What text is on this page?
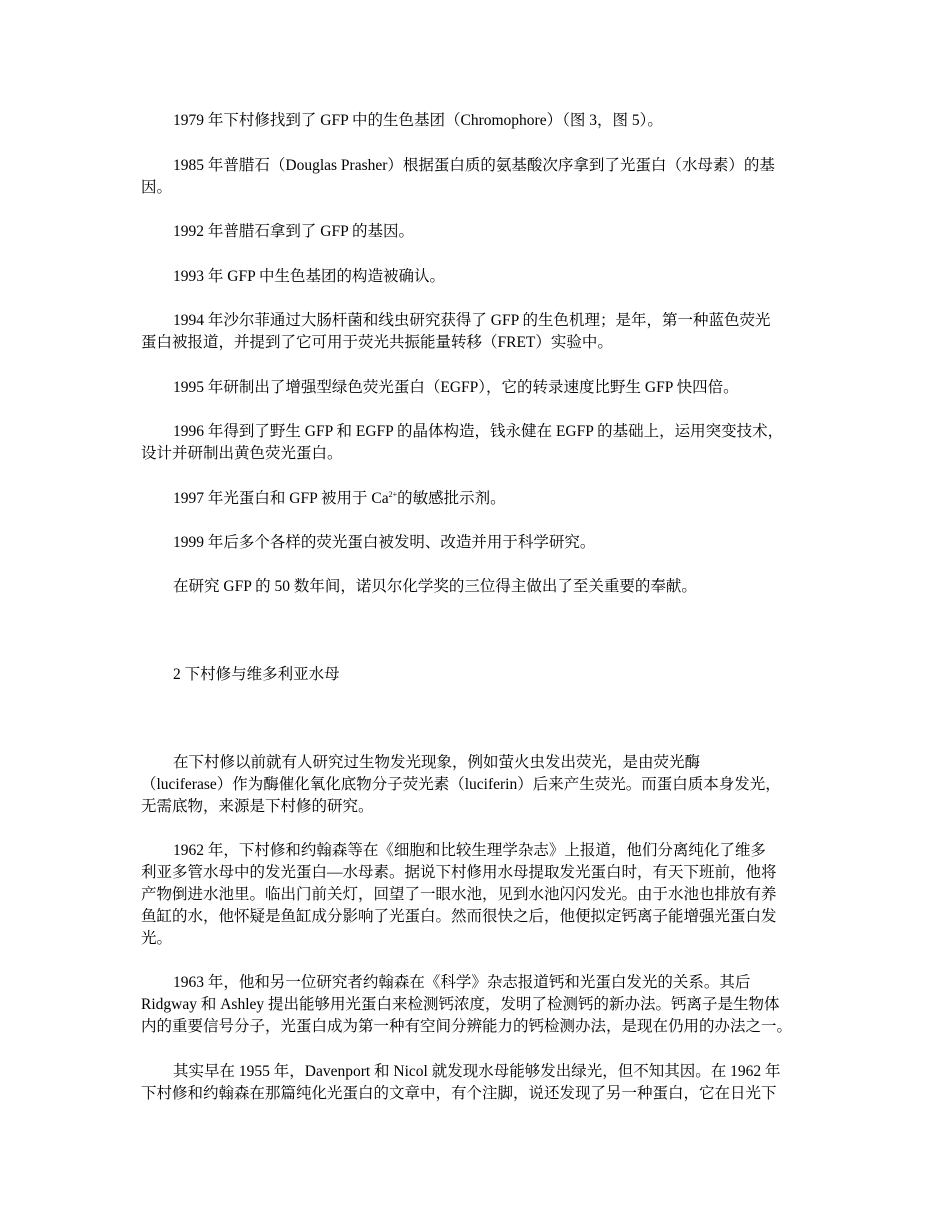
1979 年下村修找到了 GFP 中的生色基团（Chromophore）（图 3，图 5）。
1985 年普腊石（Douglas Prasher）根据蛋白质的氨基酸次序拿到了光蛋白（水母素）的基
因。
1992 年普腊石拿到了 GFP 的基因。
1993 年 GFP 中生色基团的构造被确认。
1994 年沙尔菲通过大肠杆菌和线虫研究获得了 GFP 的生色机理；是年，第一种蓝色荧光
蛋白被报道，并提到了它可用于荧光共振能量转移（FRET）实验中。
1995 年研制出了增强型绿色荧光蛋白（EGFP），它的转录速度比野生 GFP 快四倍。
1996 年得到了野生 GFP 和 EGFP 的晶体构造，钱永健在 EGFP 的基础上，运用突变技术，
设计并研制出黄色荧光蛋白。
1997 年光蛋白和 GFP 被用于 $Ca^{2+}$的敏感批示剂。
1999 年后多个各样的荧光蛋白被发明、改造并用于科学研究。
在研究 GFP 的 50 数年间，诺贝尔化学奖的三位得主做出了至关重要的奉献。
2 下村修与维多利亚水母
在下村修以前就有人研究过生物发光现象，例如萤火虫发出荧光，是由荧光酶
（luciferase）作为酶催化氧化底物分子荧光素（luciferin）后来产生荧光。而蛋白质本身发光，
无需底物，来源是下村修的研究。
1962 年，下村修和约翰森等在《细胞和比较生理学杂志》上报道，他们分离纯化了维多
利亚多管水母中的发光蛋白—水母素。据说下村修用水母提取发光蛋白时，有天下班前，他将
产物倒进水池里。临出门前关灯，回望了一眼水池，见到水池闪闪发光。由于水池也排放有养
鱼缸的水，他怀疑是鱼缸成分影响了光蛋白。然而很快之后，他便拟定钙离子能增强光蛋白发
光。
1963 年，他和另一位研究者约翰森在《科学》杂志报道钙和光蛋白发光的关系。其后
Ridgway 和 Ashley 提出能够用光蛋白来检测钙浓度，发明了检测钙的新办法。钙离子是生物体
内的重要信号分子，光蛋白成为第一种有空间分辨能力的钙检测办法，是现在仍用的办法之一。
其实早在 1955 年，Davenport 和 Nicol 就发现水母能够发出绿光，但不知其因。在 1962 年
下村修和约翰森在那篇纯化光蛋白的文章中，有个注脚，说还发现了另一种蛋白，它在日光下
